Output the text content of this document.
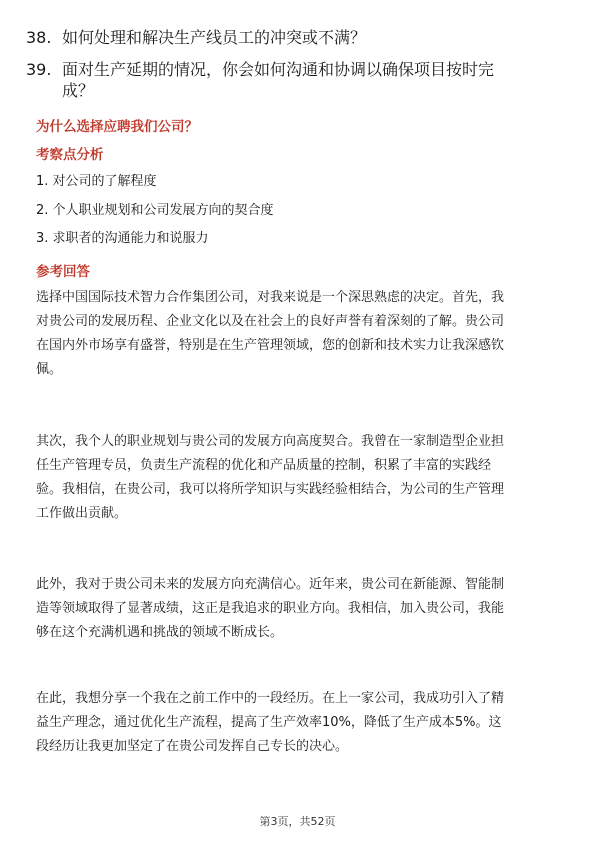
38. 如何处理和解决生产线员工的冲突或不满？
39. 面对生产延期的情况，你会如何沟通和协调以确保项目按时完
成？
为什么选择应聘我们公司？
考察点分析
1. 对公司的了解程度
2. 个人职业规划和公司发展方向的契合度
3. 求职者的沟通能力和说服力
参考回答
选择中国国际技术智力合作集团公司，对我来说是一个深思熟虑的决定。首先，我
对贵公司的发展历程、企业文化以及在社会上的良好声誉有着深刻的了解。贵公司
在国内外市场享有盛誉，特别是在生产管理领域，您的创新和技术实力让我深感钦
佩。
其次，我个人的职业规划与贵公司的发展方向高度契合。我曾在一家制造型企业担
任生产管理专员，负责生产流程的优化和产品质量的控制，积累了丰富的实践经
验。我相信，在贵公司，我可以将所学知识与实践经验相结合，为公司的生产管理
工作做出贡献。
此外，我对于贵公司未来的发展方向充满信心。近年来，贵公司在新能源、智能制
造等领域取得了显著成绩，这正是我追求的职业方向。我相信，加入贵公司，我能
够在这个充满机遇和挑战的领域不断成长。
在此，我想分享一个我在之前工作中的一段经历。在上一家公司，我成功引入了精
益生产理念，通过优化生产流程，提高了生产效率10%，降低了生产成本5%。这
段经历让我更加坚定了在贵公司发挥自己专长的决心。
第3页，共52页
